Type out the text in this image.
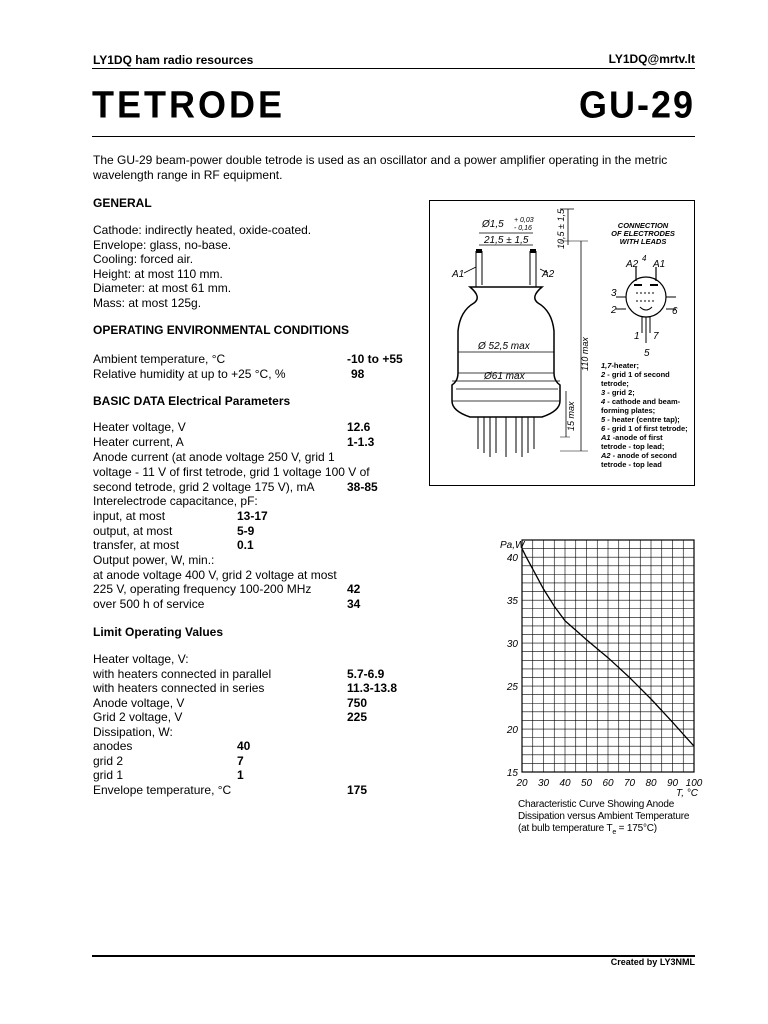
LY1DQ ham radio resources	LY1DQ@mrtv.lt
TETRODE	GU-29
The GU-29 beam-power double tetrode is used as an oscillator and a power amplifier operating in the metric wavelength range in RF equipment.
GENERAL
Cathode: indirectly heated, oxide-coated.
Envelope: glass, no-base.
Cooling: forced air.
Height: at most 110 mm.
Diameter: at most 61 mm.
Mass: at most 125g.
OPERATING ENVIRONMENTAL CONDITIONS
Ambient temperature, °C	-10 to +55
Relative humidity at up to +25 °C, %	98
BASIC DATA Electrical Parameters
Heater voltage, V	12.6
Heater current, A	1-1.3
Anode current (at anode voltage 250 V, grid 1
voltage - 11 V of first tetrode, grid 1 voltage 100 V of
second tetrode, grid 2 voltage 175 V), mA	38-85
Interelectrode capacitance, pF:
input, at most	13-17
output, at most	5-9
transfer, at most	0.1
Output power, W, min.:
at anode voltage 400 V, grid 2 voltage at most
225 V, operating frequency 100-200 MHz	42
over 500 h of service	34
Limit Operating Values
Heater voltage, V:
with heaters connected in parallel	5.7-6.9
with heaters connected in series	11.3-13.8
Anode voltage, V	750
Grid 2 voltage, V	225
Dissipation, W:
anodes	40
grid 2	7
grid 1	1
Envelope temperature, °C	175
Ø1,5 + 0,03
- 0,16
21,5 ± 1,5	10,5 ± 1,5
A1	A2
Ø 52,5 max
Ø61 max
110 max
15 max
CONNECTION
OF ELECTRODES
WITH LEADS
A2
4
A1
3
2	6
1 7
5
1,7-heater;
2 - grid 1 of second
tetrode;
3 - grid 2;
4 - cathode and beam-
forming plates;
5 - heater (centre tap);
6 - grid 1 of first tetrode;
A1 -anode of first
tetrode - top lead;
A2 - anode of second
tetrode - top lead
20 30 40 50 60 70 80 90 100
15
20
25
30
35
40
Pa,W
T, °C
Characteristic Curve Showing Anode
Dissipation versus Ambient Temperature
(at bulb temperature $T_e = 175^\circ C$)
Created by LY3NML
